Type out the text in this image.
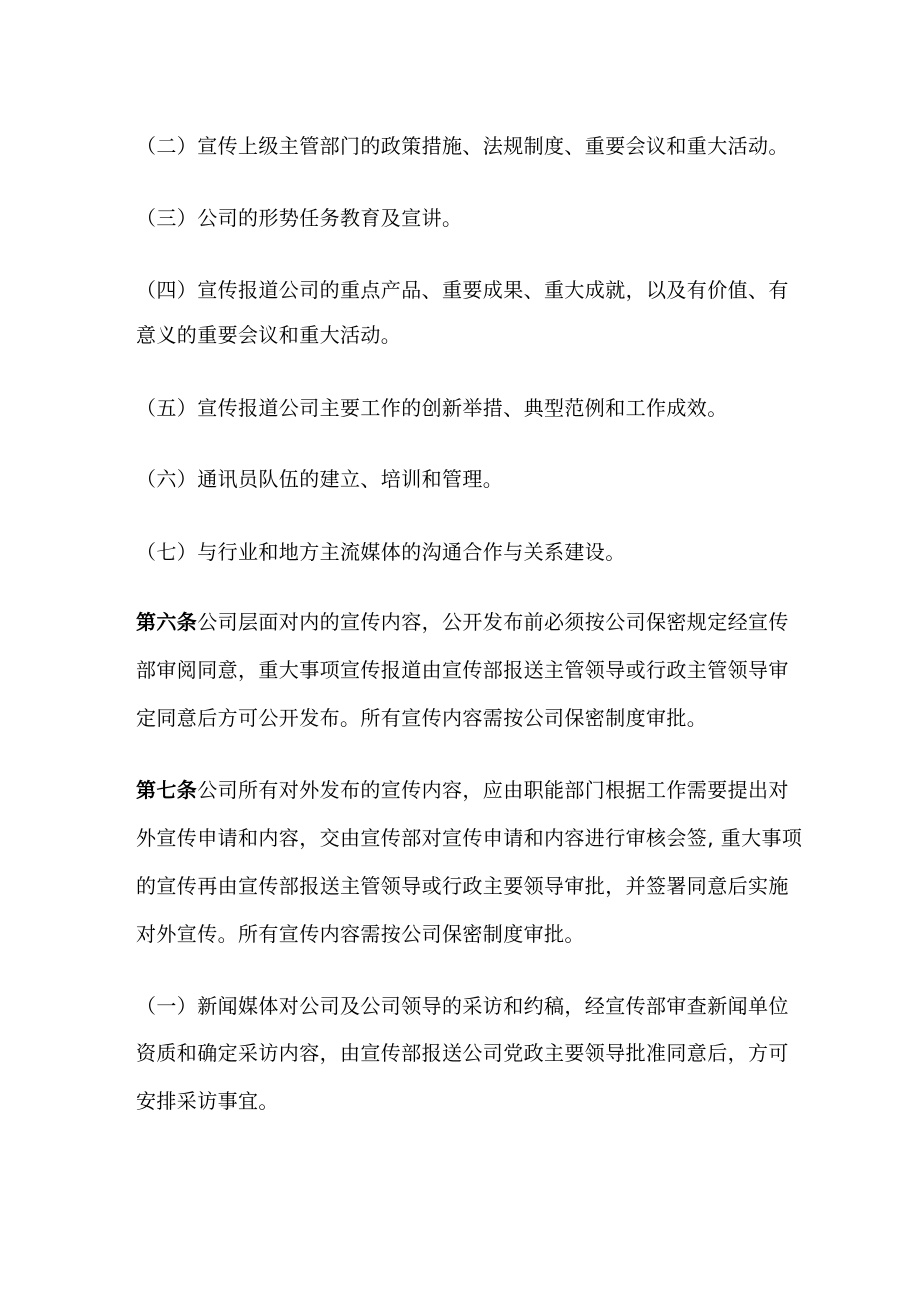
（二）宣传上级主管部门的政策措施、法规制度、重要会议和重大活动。
（三）公司的形势任务教育及宣讲。
（四）宣传报道公司的重点产品、重要成果、重大成就，以及有价值、有
意义的重要会议和重大活动。
（五）宣传报道公司主要工作的创新举措、典型范例和工作成效。
（六）通讯员队伍的建立、培训和管理。
（七）与行业和地方主流媒体的沟通合作与关系建设。
第六条公司层面对内的宣传内容，公开发布前必须按公司保密规定经宣传
部审阅同意，重大事项宣传报道由宣传部报送主管领导或行政主管领导审
定同意后方可公开发布。所有宣传内容需按公司保密制度审批。
第七条公司所有对外发布的宣传内容，应由职能部门根据工作需要提出对
外宣传申请和内容，交由宣传部对宣传申请和内容进行审核会签, 重大事项
的宣传再由宣传部报送主管领导或行政主要领导审批，并签署同意后实施
对外宣传。所有宣传内容需按公司保密制度审批。
（一）新闻媒体对公司及公司领导的采访和约稿，经宣传部审查新闻单位
资质和确定采访内容，由宣传部报送公司党政主要领导批准同意后，方可
安排采访事宜。
